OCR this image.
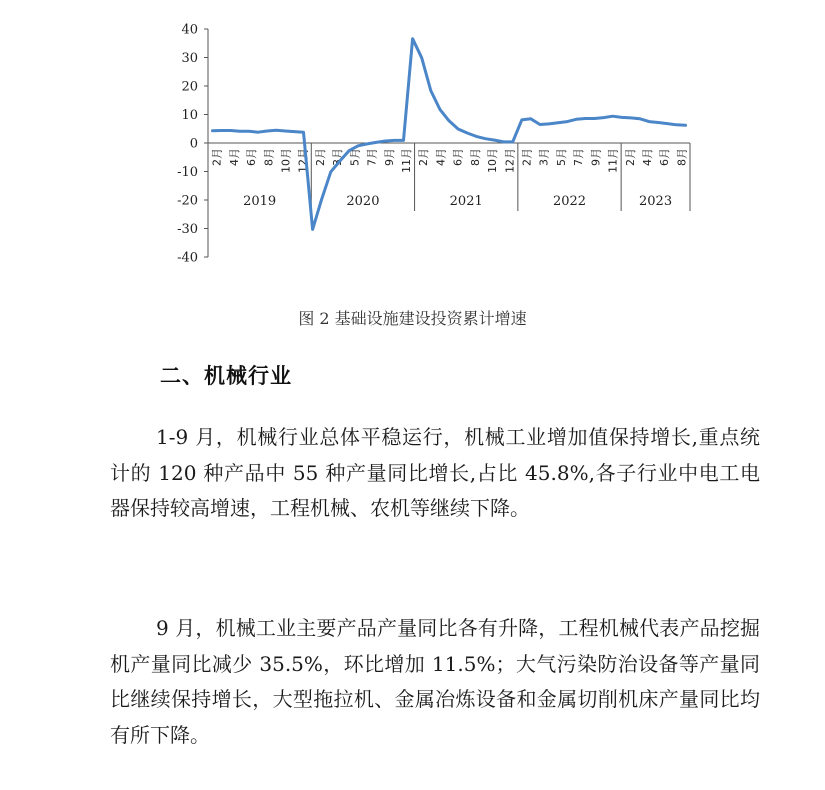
40
30
20
10
0
-10
-20
-30
-40
2月 4月 6月 8月 10月 12月 2月 3月 5月 7月 9月 11月 2月 4月 6月 8月 10月 12月 2月 3月 5月 7月 9月 11月 2月 4月 6月 8月
2019	2020	2021	2022	2023
图 2 基础设施建设投资累计增速
二、机械行业

1-9 月，机械行业总体平稳运行，机械工业增加值保持增长,重点统计的 120 种产品中 55 种产量同比增长,占比 45.8%,各子行业中电工电器保持较高增速，工程机械、农机等继续下降。

9 月，机械工业主要产品产量同比各有升降，工程机械代表产品挖掘机产量同比减少 35.5%，环比增加 11.5%；大气污染防治设备等产量同比继续保持增长，大型拖拉机、金属冶炼设备和金属切削机床产量同比均有所下降。
